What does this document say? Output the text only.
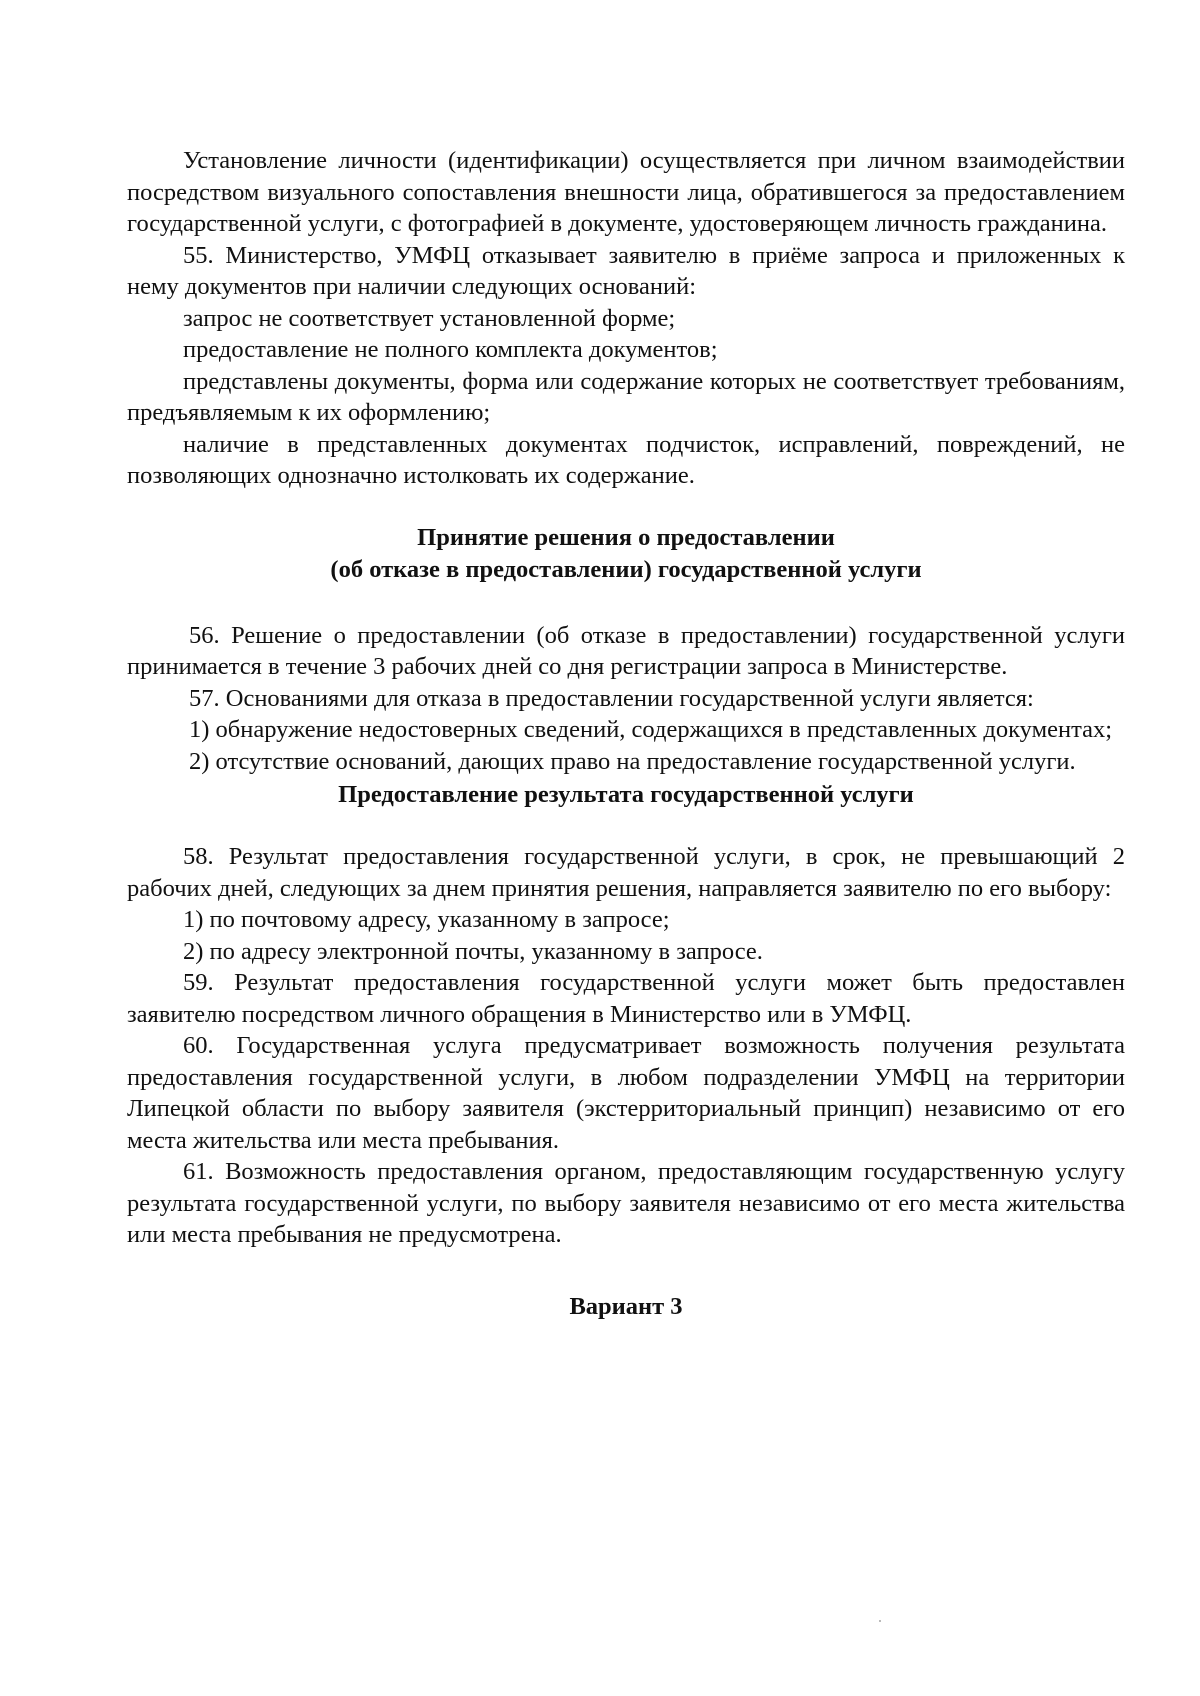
Установление личности (идентификации) осуществляется при личном взаимодействии посредством визуального сопоставления внешности лица, обратившегося за предоставлением государственной услуги, с фотографией в документе, удостоверяющем личность гражданина.

55. Министерство, УМФЦ отказывает заявителю в приёме запроса и приложенных к нему документов при наличии следующих оснований:

запрос не соответствует установленной форме;

предоставление не полного комплекта документов;

представлены документы, форма или содержание которых не соответствует требованиям, предъявляемым к их оформлению;

наличие в представленных документах подчисток, исправлений, повреждений, не позволяющих однозначно истолковать их содержание.

Принятие решения о предоставлении
(об отказе в предоставлении) государственной услуги

56. Решение о предоставлении (об отказе в предоставлении) государственной услуги принимается в течение 3 рабочих дней со дня регистрации запроса в Министерстве.

57. Основаниями для отказа в предоставлении государственной услуги является:

1) обнаружение недостоверных сведений, содержащихся в представленных документах;

2) отсутствие оснований, дающих право на предоставление государственной услуги.

Предоставление результата государственной услуги

58. Результат предоставления государственной услуги, в срок, не превышающий 2 рабочих дней, следующих за днем принятия решения, направляется заявителю по его выбору:

1) по почтовому адресу, указанному в запросе;

2) по адресу электронной почты, указанному в запросе.

59. Результат предоставления государственной услуги может быть предоставлен заявителю посредством личного обращения в Министерство или в УМФЦ.

60. Государственная услуга предусматривает возможность получения результата предоставления государственной услуги, в любом подразделении УМФЦ на территории Липецкой области по выбору заявителя (экстерриториальный принцип) независимо от его места жительства или места пребывания.

61. Возможность предоставления органом, предоставляющим государственную услугу результата государственной услуги, по выбору заявителя независимо от его места жительства или места пребывания не предусмотрена.

Вариант 3
